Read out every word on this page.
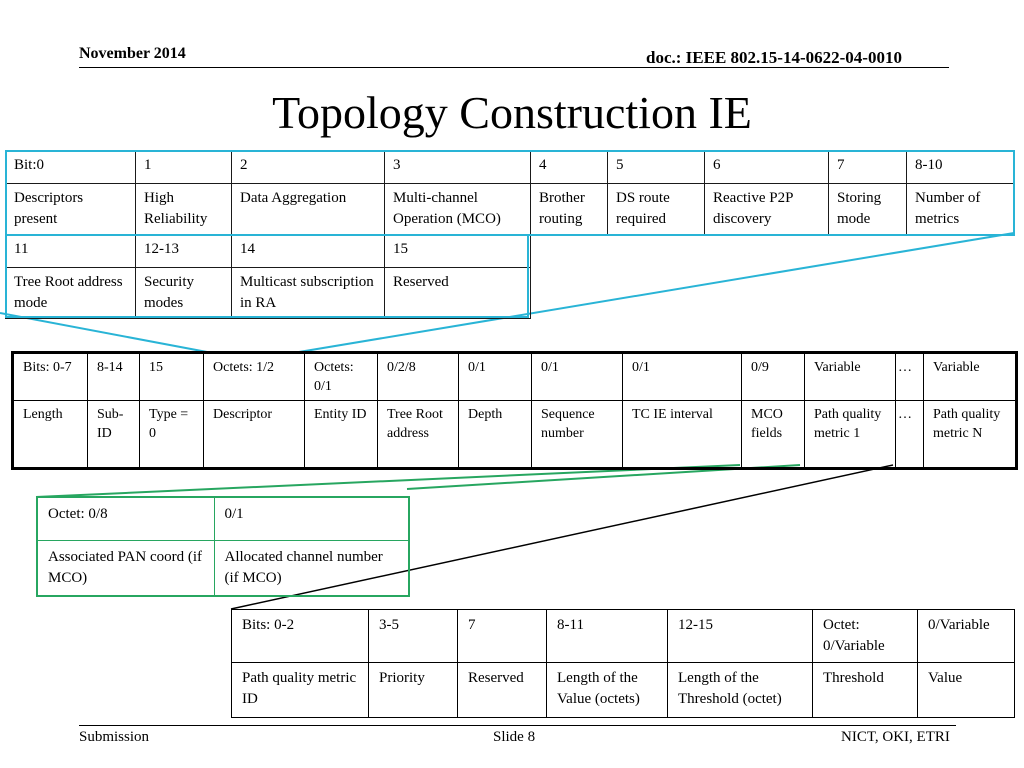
November 2014	doc.: IEEE 802.15-14-0622-04-0010
Topology Construction IE
Bit:0	1	2	3	4	5	6	7	8-10
Descriptors present	High Reliability	Data Aggregation	Multi-channel Operation (MCO)	Brother routing	DS route required	Reactive P2P discovery	Storing mode	Number of metrics
11	12-13	14	15					
Tree Root address mode	Security modes	Multicast subscription in RA	Reserved					
Bits: 0-7	8-14	15	Octets: 1/2	Octets: 0/1	0/2/8	0/1	0/1	0/1	0/9	Variable	…	Variable
Length	Sub-ID	Type = 0	Descriptor	Entity ID	Tree Root address	Depth	Sequence number	TC IE interval	MCO fields	Path quality metric 1	…	Path quality metric N
Octet: 0/8	0/1
Associated PAN coord (if MCO)	Allocated channel number (if MCO)
Bits: 0-2	3-5	7	8-11	12-15	Octet: 0/Variable	0/Variable
Path quality metric ID	Priority	Reserved	Length of the Value (octets)	Length of the Threshold (octet)	Threshold	Value
Submission	Slide 8	NICT, OKI, ETRI
